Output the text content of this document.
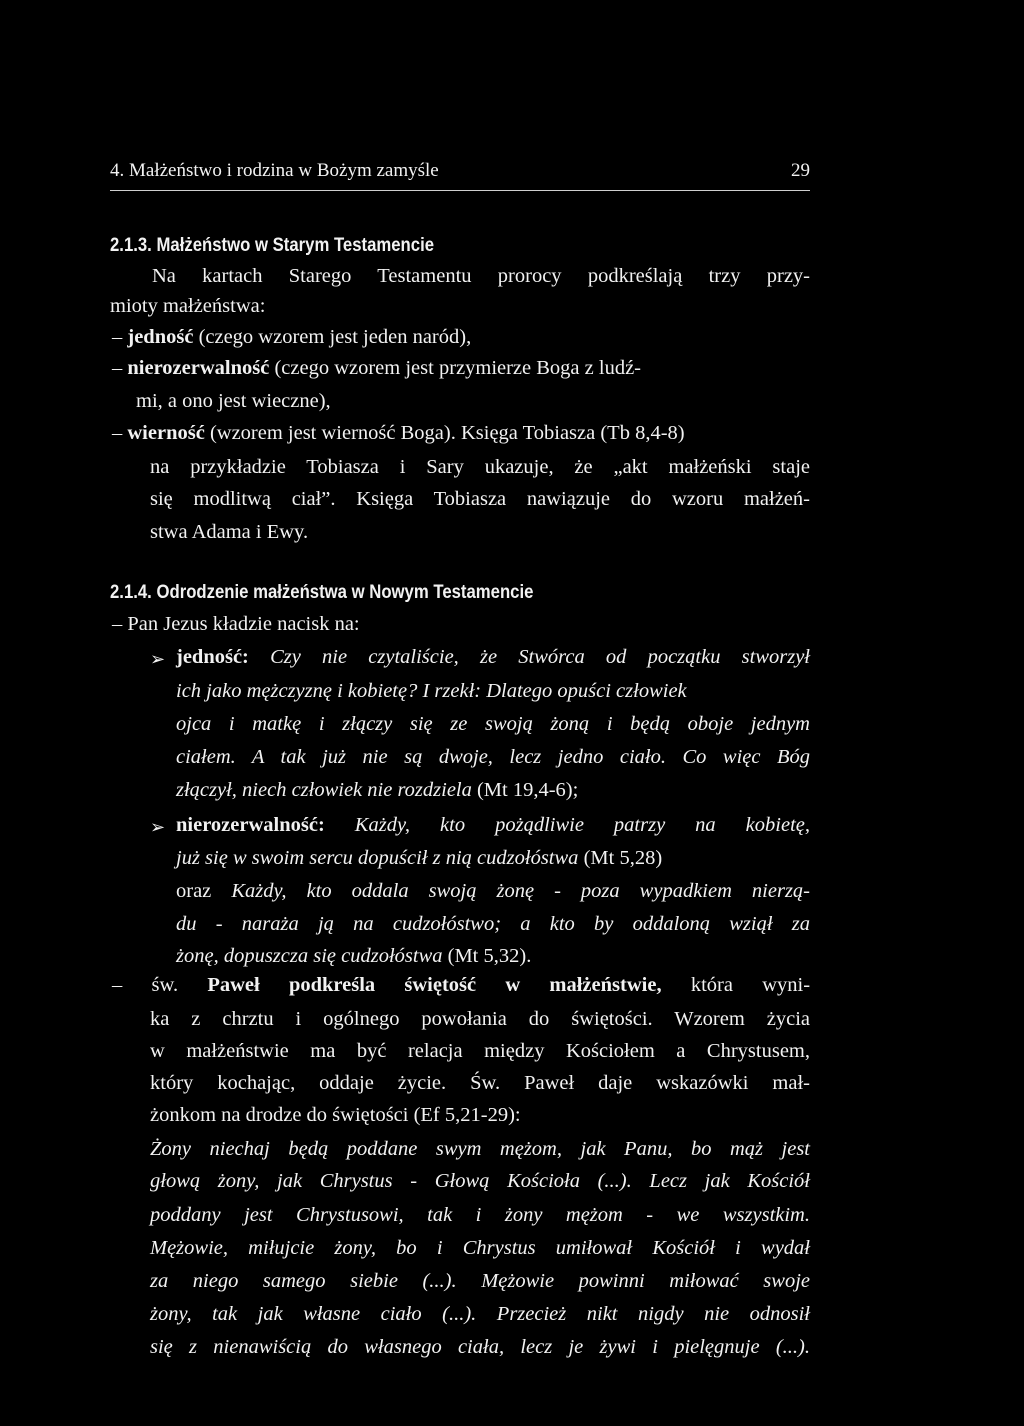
4. Małżeństwo i rodzina w Bożym zamyśle	29
2.1.3. Małżeństwo w Starym Testamencie
Na kartach Starego Testamentu prorocy podkreślają trzy przy-
mioty małżeństwa:
– jedność (czego wzorem jest jeden naród),
– nierozerwalność (czego wzorem jest przymierze Boga z ludź-
mi, a ono jest wieczne),
– wierność (wzorem jest wierność Boga). Księga Tobiasza (Tb 8,4-8)
na przykładzie Tobiasza i Sary ukazuje, że „akt małżeński staje
się modlitwą ciał”. Księga Tobiasza nawiązuje do wzoru małżeń-
stwa Adama i Ewy.
2.1.4. Odrodzenie małżeństwa w Nowym Testamencie
– Pan Jezus kładzie nacisk na:
➢ jedność: Czy nie czytaliście, że Stwórca od początku stworzył
ich jako mężczyznę i kobietę? I rzekł: Dlatego opuści człowiek
ojca i matkę i złączy się ze swoją żoną i będą oboje jednym
ciałem. A tak już nie są dwoje, lecz jedno ciało. Co więc Bóg
złączył, niech człowiek nie rozdziela (Mt 19,4-6);
➢ nierozerwalność: Każdy, kto pożądliwie patrzy na kobietę,
już się w swoim sercu dopuścił z nią cudzołóstwa (Mt 5,28)
oraz Każdy, kto oddala swoją żonę - poza wypadkiem nierzą-
du - naraża ją na cudzołóstwo; a kto by oddaloną wziął za
żonę, dopuszcza się cudzołóstwa (Mt 5,32).
– św. Paweł podkreśla świętość w małżeństwie, która wyni-
ka z chrztu i ogólnego powołania do świętości. Wzorem życia
w małżeństwie ma być relacja między Kościołem a Chrystusem,
który kochając, oddaje życie. Św. Paweł daje wskazówki mał-
żonkom na drodze do świętości (Ef 5,21-29):
Żony niechaj będą poddane swym mężom, jak Panu, bo mąż jest
głową żony, jak Chrystus - Głową Kościoła (...). Lecz jak Kościół
poddany jest Chrystusowi, tak i żony mężom - we wszystkim.
Mężowie, miłujcie żony, bo i Chrystus umiłował Kościół i wydał
za niego samego siebie (...). Mężowie powinni miłować swoje
żony, tak jak własne ciało (...). Przecież nikt nigdy nie odnosił
się z nienawiścią do własnego ciała, lecz je żywi i pielęgnuje (...).
